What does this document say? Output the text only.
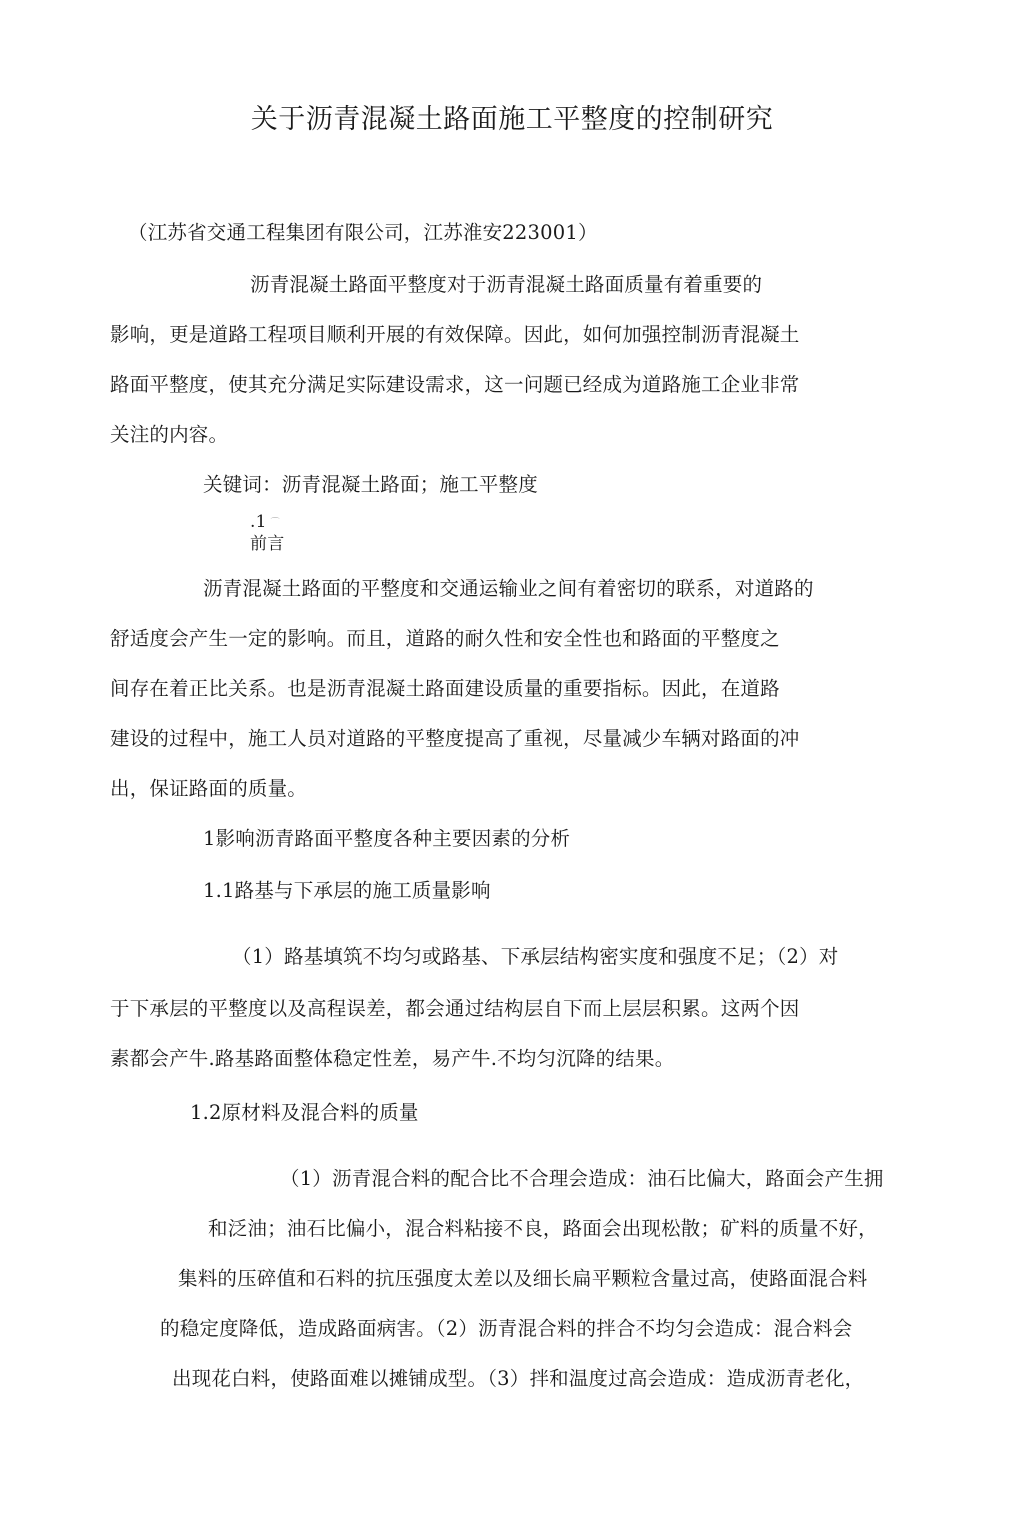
关于沥青混凝土路面施工平整度的控制研究
（江苏省交通工程集团有限公司，江苏淮安223001）
沥青混凝土路面平整度对于沥青混凝土路面质量有着重要的
影响，更是道路工程项目顺利开展的有效保障。因此，如何加强控制沥青混凝土
路面平整度，使其充分满足实际建设需求，这一问题已经成为道路施工企业非常
关注的内容。
关键词：沥青混凝土路面；施工平整度
.1 ⌒
前言
沥青混凝土路面的平整度和交通运输业之间有着密切的联系，对道路的
舒适度会产生一定的影响。而且，道路的耐久性和安全性也和路面的平整度之
间存在着正比关系。也是沥青混凝土路面建设质量的重要指标。因此，在道路
建设的过程中，施工人员对道路的平整度提高了重视，尽量减少车辆对路面的冲
出，保证路面的质量。
1影响沥青路面平整度各种主要因素的分析
1.1路基与下承层的施工质量影响
（1）路基填筑不均匀或路基、下承层结构密实度和强度不足；（2）对
于下承层的平整度以及高程误差，都会通过结构层自下而上层层积累。这两个因
素都会产牛.路基路面整体稳定性差，易产牛.不均匀沉降的结果。
1.2原材料及混合料的质量
（1）沥青混合料的配合比不合理会造成：油石比偏大，路面会产生拥
和泛油；油石比偏小，混合料粘接不良，路面会出现松散；矿料的质量不好，
集料的压碎值和石料的抗压强度太差以及细长扁平颗粒含量过高，使路面混合料
的稳定度降低，造成路面病害。（2）沥青混合料的拌合不均匀会造成：混合料会
出现花白料，使路面难以摊铺成型。（3）拌和温度过高会造成：造成沥青老化，
